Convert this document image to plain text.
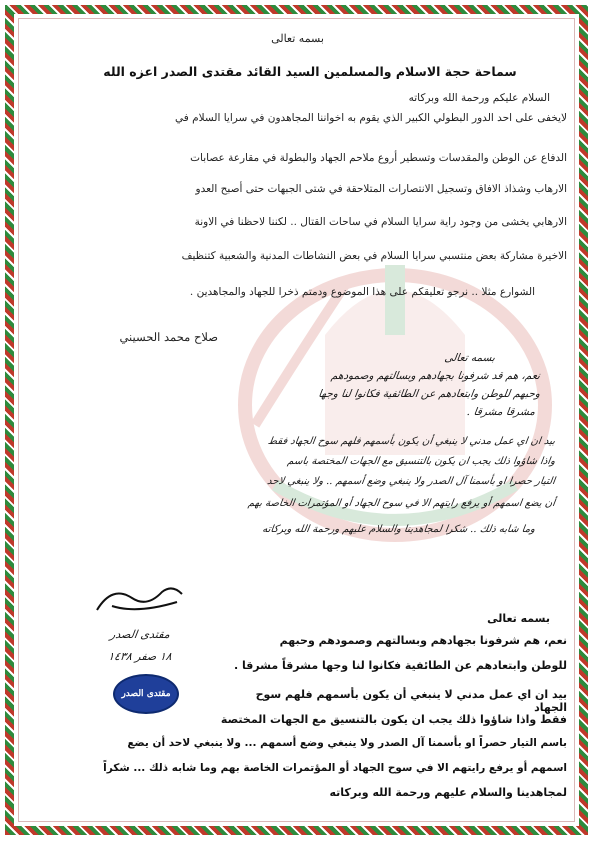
بسمه تعالى
سماحة حجة الاسلام والمسلمين السيد القائد مقتدى الصدر اعزه الله
السلام عليكم ورحمة الله وبركاته
لايخفى على احد الدور البطولي الكبير الذي يقوم به اخواننا المجاهدون في سرايا السلام في
الدفاع عن الوطن والمقدسات وتسطير أروع ملاحم الجهاد والبطولة في مقارعة عصابات
الارهاب وشذاذ الافاق وتسجيل الانتصارات المتلاحقة في شتى الجبهات حتى أصبح العدو
الارهابي يخشى من وجود راية سرايا السلام في ساحات القتال .. لكننا لاحظنا في الاونة
الاخيرة مشاركة بعض منتسبي سرايا السلام في بعض النشاطات المدنية والشعبية كتنظيف
الشوارع مثلا .. نرجو تعليقكم على هذا الموضوع ودمتم ذخرا للجهاد والمجاهدين .
صلاح محمد الحسيني
بسمه تعالى
نعم، هم قد شرفونا بجهادهم وبسالتهم وصمودهم
وحبهم للوطن وابتعادهم عن الطائفية فكانوا لنا وجها
مشرقا مشرقا .
بيد ان اي عمل مدني لا ينبغي أن يكون بأسمهم فلهم سوح الجهاد فقط
واذا شاؤوا ذلك يجب ان يكون بالتنسيق مع الجهات المختصة باسم
التيار حصرا او بأسمنا آل الصدر ولا ينبغي وضع أسمهم .. ولا ينبغي لاحد
أن يضع اسمهم أو يرفع رايتهم الا في سوح الجهاد أو المؤتمرات الخاصة بهم
وما شابه ذلك .. شكرا لمجاهدينا والسلام عليهم ورحمة الله وبركاته
مقتدى الصدر
١٨ صفر ١٤٣٨
مقتدى الصدر
بسمه تعالى
نعم، هم شرفونا بجهادهم وبسالتهم وصمودهم وحبهم
للوطن وابتعادهم عن الطائفية فكانوا لنا وجها مشرقاً مشرقا .
بيد ان اي عمل مدني لا ينبغي أن يكون بأسمهم فلهم سوح الجهاد
فقط واذا شاؤوا ذلك يجب ان يكون بالتنسيق مع الجهات المختصة
باسم التيار حصراً او بأسمنا آل الصدر ولا ينبغي وضع أسمهم ... ولا ينبغي لاحد أن يضع
اسمهم أو يرفع رايتهم الا في سوح الجهاد أو المؤتمرات الخاصة بهم وما شابه ذلك ... شكراً
لمجاهدينا والسلام عليهم ورحمة الله وبركاته
